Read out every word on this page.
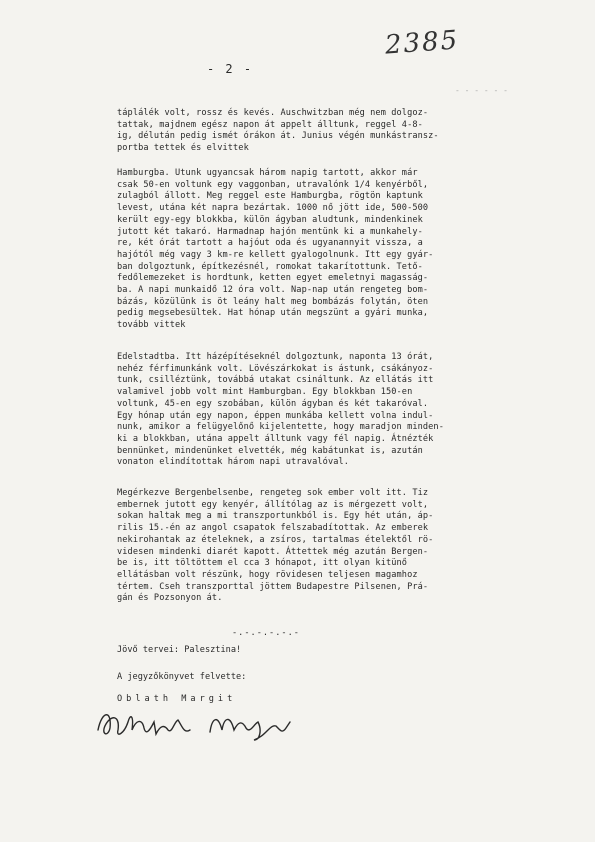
2385
- 2 -
- - - - - -

táplálék volt, rossz és kevés. Auschwitzban még nem dolgoz-
tattak, majdnem egész napon át appelt álltunk, reggel 4-8-
ig, délután pedig ismét órákon át. Junius végén munkástransz-
portba tettek és elvittek

Hamburgba. Utunk ugyancsak három napig tartott, akkor már
csak 50-en voltunk egy vaggonban, utravalónk 1/4 kenyérből,
zulagból állott. Meg reggel este Hamburgba, rögtön kaptunk
levest, utána két napra bezártak. 1000 nő jött ide, 500-500
került egy-egy blokkba, külön ágyban aludtunk, mindenkinek
jutott két takaró. Harmadnap hajón mentünk ki a munkahely-
re, két órát tartott a hajóut oda és ugyanannyit vissza, a
hajótól még vagy 3 km-re kellett gyalogolnunk. Itt egy gyár-
ban dolgoztunk, építkezésnél, romokat takarítottunk. Tető-
fedőlemezeket is hordtunk, ketten egyet emeletnyi magasság-
ba. A napi munkaidő 12 óra volt. Nap-nap után rengeteg bom-
bázás, közülünk is öt leány halt meg bombázás folytán, öten
pedig megsebesültek. Hat hónap után megszünt a gyári munka,
tovább vittek

Edelstadtba. Itt házépítéseknél dolgoztunk, naponta 13 órát,
nehéz férfimunkánk volt. Lövészárkokat is ástunk, csákányoz-
tunk, csilléztünk, továbbá utakat csináltunk. Az ellátás itt
valamivel jobb volt mint Hamburgban. Egy blokkban 150-en
voltunk, 45-en egy szobában, külön ágyban és két takaróval.
Egy hónap után egy napon, éppen munkába kellett volna indul-
nunk, amikor a felügyelőnő kijelentette, hogy maradjon minden-
ki a blokkban, utána appelt álltunk vagy fél napig. Átnézték
bennünket, mindenünket elvették, még kabátunkat is, azután
vonaton elindítottak három napi utravalóval.

Megérkezve Bergenbelsenbe, rengeteg sok ember volt itt. Tiz
embernek jutott egy kenyér, állítólag az is mérgezett volt,
sokan haltak meg a mi transzportunkból is. Egy hét után, áp-
rilis 15.-én az angol csapatok felszabadítottak. Az emberek
nekirohantak az ételeknek, a zsíros, tartalmas ételektől rö-
videsen mindenki diarét kapott. Áttettek még azután Bergen-
be is, itt töltöttem el cca 3 hónapot, itt olyan kitünő
ellátásban volt részünk, hogy rövidesen teljesen magamhoz
tértem. Cseh transzporttal jöttem Budapestre Pilsenen, Prá-
gán és Pozsonyon át.

-.-.-.-.-.-
Jövő tervei: Palesztina!
A jegyzőkönyvet felvette:
Oblath Margit
